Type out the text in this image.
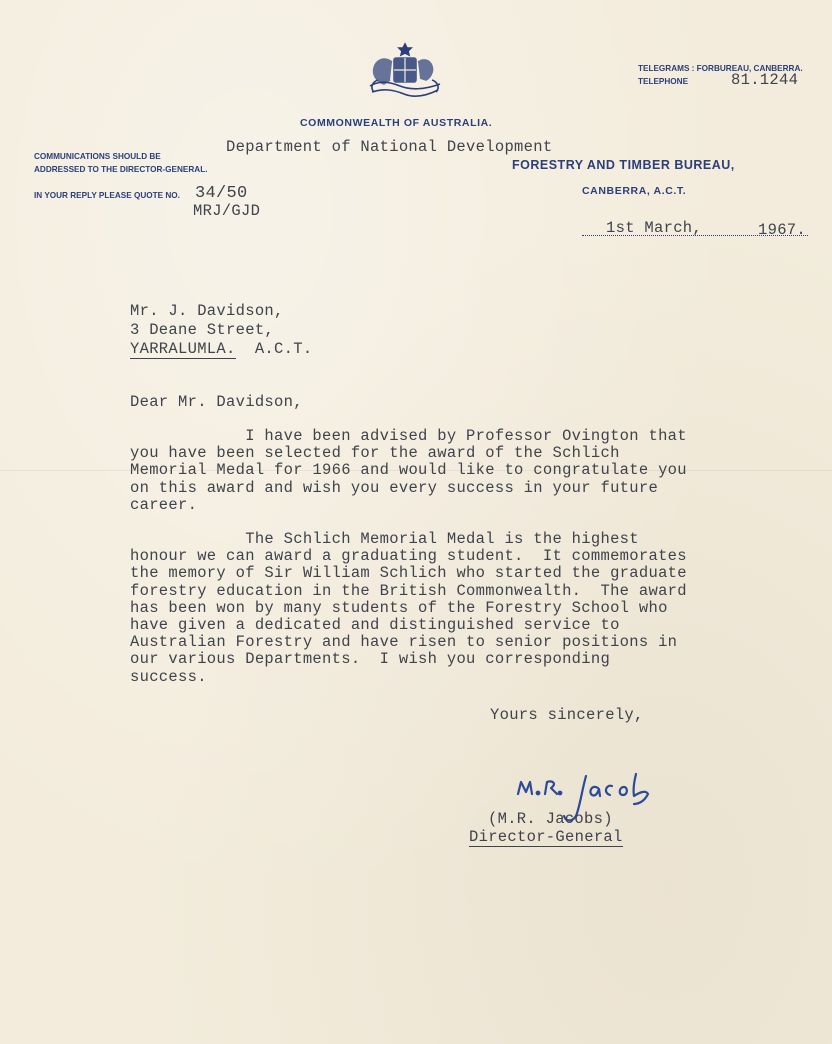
TELEGRAMS : FORBUREAU, CANBERRA.
TELEPHONE	81.1244
COMMONWEALTH OF AUSTRALIA.
Department of National Development
FORESTRY AND TIMBER BUREAU,
CANBERRA, A.C.T.
COMMUNICATIONS SHOULD BE
ADDRESSED TO THE DIRECTOR-GENERAL.
IN YOUR REPLY PLEASE QUOTE NO. 34/50
MRJ/GJD
1st March,	1967.
Mr. J. Davidson,
3 Deane Street,
YARRALUMLA. A.C.T.
Dear Mr. Davidson,
I have been advised by Professor Ovington that
you have been selected for the award of the Schlich
Memorial Medal for 1966 and would like to congratulate you
on this award and wish you every success in your future
career.
The Schlich Memorial Medal is the highest
honour we can award a graduating student.  It commemorates
the memory of Sir William Schlich who started the graduate
forestry education in the British Commonwealth.  The award
has been won by many students of the Forestry School who
have given a dedicated and distinguished service to
Australian Forestry and have risen to senior positions in
our various Departments.  I wish you corresponding
success.
Yours sincerely,
(M.R. Jacobs)
Director-General
